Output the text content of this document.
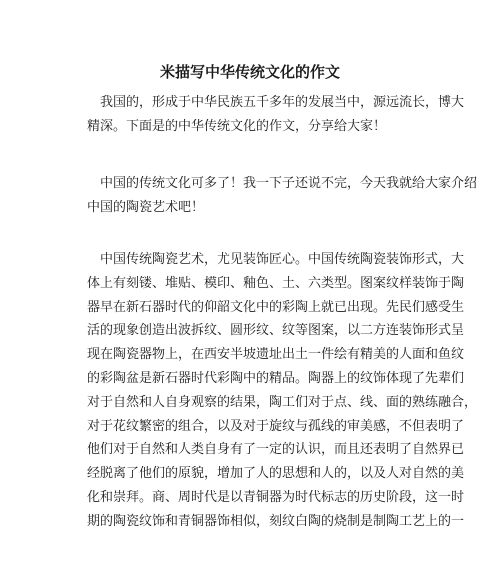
米描写中华传统文化的作文

　我国的，形成于中华民族五千多年的发展当中，源远流长，博大
精深。下面是的中华传统文化的作文，分享给大家！

　中国的传统文化可多了！我一下子还说不完，今天我就给大家介绍
中国的陶瓷艺术吧！

　中国传统陶瓷艺术，尤见装饰匠心。中国传统陶瓷装饰形式，大
体上有刻镂、堆贴、模印、釉色、土、六类型。图案纹样装饰于陶
器早在新石器时代的仰韶文化中的彩陶上就已出现。先民们感受生
活的现象创造出波拆纹、圆形纹、纹等图案，以二方连装饰形式呈
现在陶瓷器物上，在西安半坡遗址出土一件绘有精美的人面和鱼纹
的彩陶盆是新石器时代彩陶中的精品。陶器上的纹饰体现了先辈们
对于自然和人自身观察的结果，陶工们对于点、线、面的熟练融合，
对于花纹繁密的组合，以及对于旋纹与孤线的审美感，不但表明了
他们对于自然和人类自身有了一定的认识，而且还表明了自然界已
经脱离了他们的原貌，增加了人的思想和人的，以及人对自然的美
化和崇拜。商、周时代是以青铜器为时代标志的历史阶段，这一时
期的陶瓷纹饰和青铜器饰相似，刻纹白陶的烧制是制陶工艺上的一
